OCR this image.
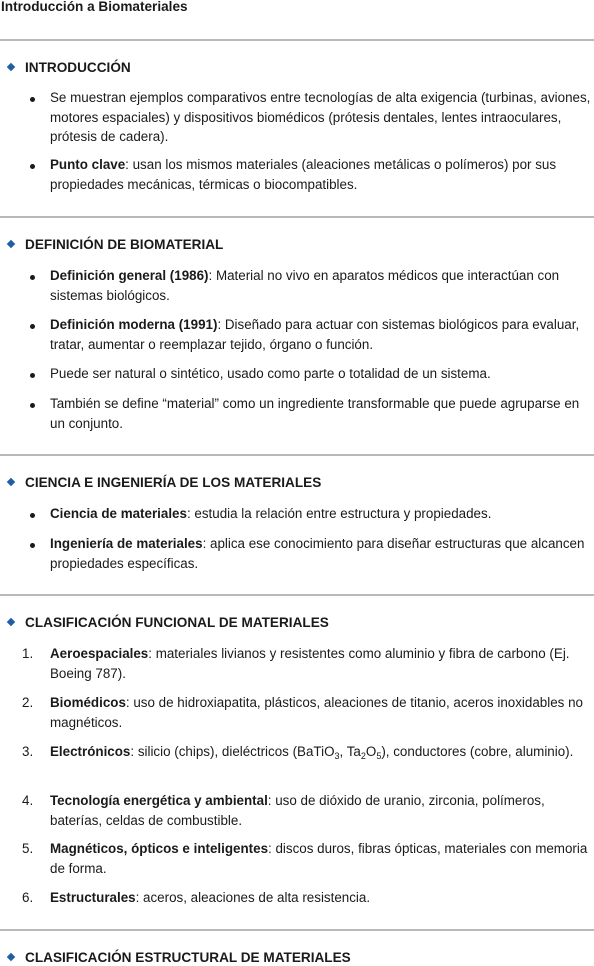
Introducción a Biomateriales
INTRODUCCIÓN
Se muestran ejemplos comparativos entre tecnologías de alta exigencia (turbinas, aviones, motores espaciales) y dispositivos biomédicos (prótesis dentales, lentes intraoculares, prótesis de cadera).
Punto clave: usan los mismos materiales (aleaciones metálicas o polímeros) por sus propiedades mecánicas, térmicas o biocompatibles.
DEFINICIÓN DE BIOMATERIAL
Definición general (1986): Material no vivo en aparatos médicos que interactúan con sistemas biológicos.
Definición moderna (1991): Diseñado para actuar con sistemas biológicos para evaluar, tratar, aumentar o reemplazar tejido, órgano o función.
Puede ser natural o sintético, usado como parte o totalidad de un sistema.
También se define “material” como un ingrediente transformable que puede agruparse en un conjunto.
CIENCIA E INGENIERÍA DE LOS MATERIALES
Ciencia de materiales: estudia la relación entre estructura y propiedades.
Ingeniería de materiales: aplica ese conocimiento para diseñar estructuras que alcancen propiedades específicas.
CLASIFICACIÓN FUNCIONAL DE MATERIALES
1.	Aeroespaciales: materiales livianos y resistentes como aluminio y fibra de carbono (Ej. Boeing 787).
2.	Biomédicos: uso de hidroxiapatita, plásticos, aleaciones de titanio, aceros inoxidables no magnéticos.
3.	Electrónicos: silicio (chips), dieléctricos (BaTiO$_3$, $Ta_2O_5$), conductores (cobre, aluminio).
4.	Tecnología energética y ambiental: uso de dióxido de uranio, zirconia, polímeros, baterías, celdas de combustible.
5.	Magnéticos, ópticos e inteligentes: discos duros, fibras ópticas, materiales con memoria de forma.
6.	Estructurales: aceros, aleaciones de alta resistencia.
CLASIFICACIÓN ESTRUCTURAL DE MATERIALES
